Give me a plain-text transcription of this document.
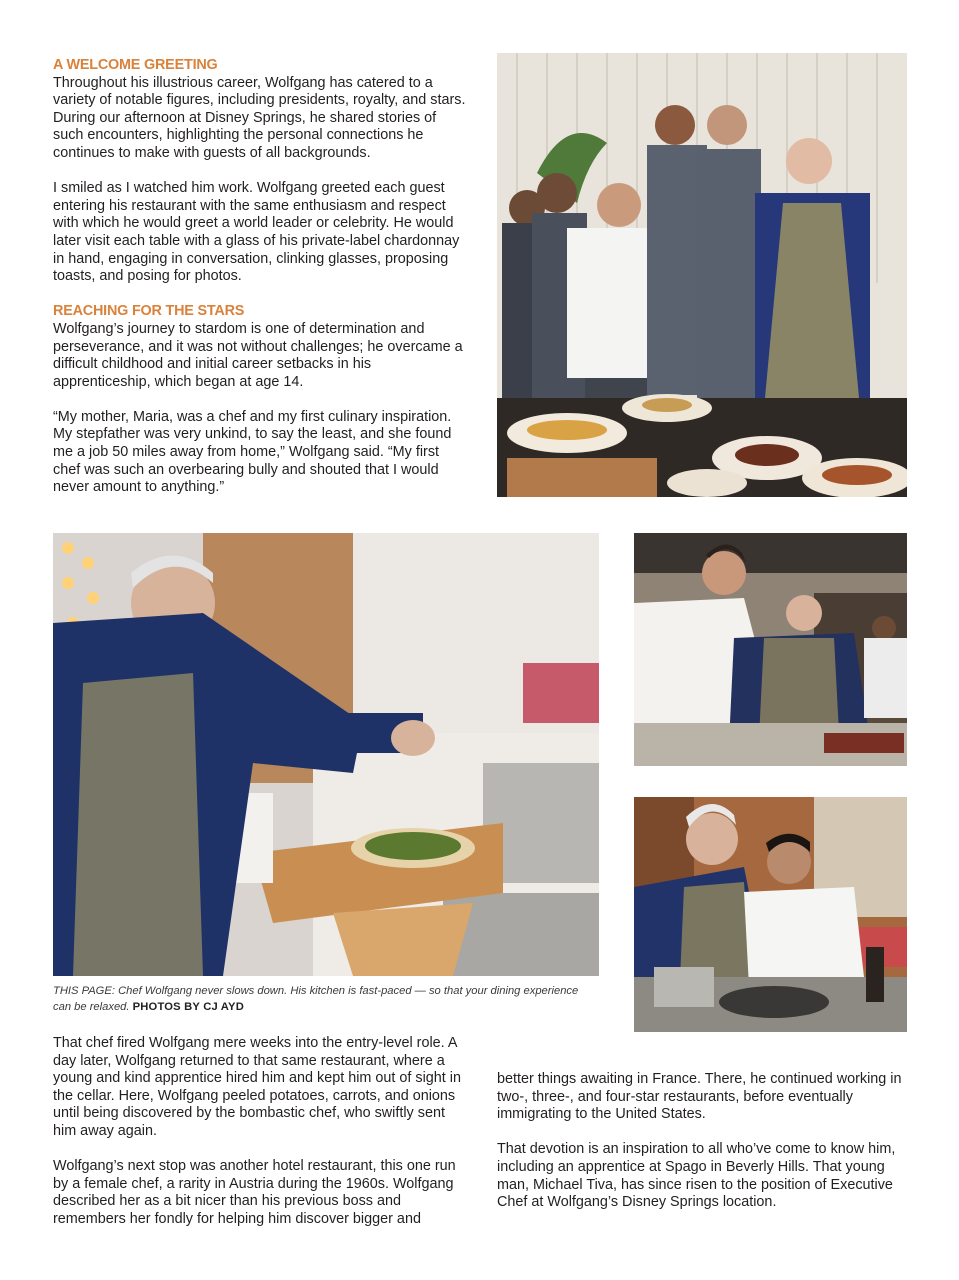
A WELCOME GREETING

Throughout his illustrious career, Wolfgang has catered to a variety of notable figures, including presidents, royalty, and stars. During our afternoon at Disney Springs, he shared stories of such encounters, highlighting the personal connections he continues to make with guests of all backgrounds.

I smiled as I watched him work. Wolfgang greeted each guest entering his restaurant with the same enthusiasm and respect with which he would greet a world leader or celebrity. He would later visit each table with a glass of his private-label chardonnay in hand, engaging in conversation, clinking glasses, proposing toasts, and posing for photos.

REACHING FOR THE STARS

Wolfgang’s journey to stardom is one of determination and perseverance, and it was not without challenges; he overcame a difficult childhood and initial career setbacks in his apprenticeship, which began at age 14.

“My mother, Maria, was a chef and my first culinary inspiration. My stepfather was very unkind, to say the least, and she found me a job 50 miles away from home,” Wolfgang said. “My first chef was such an overbearing bully and shouted that I would never amount to anything.”

THIS PAGE: Chef Wolfgang never slows down. His kitchen is fast-paced — so that your dining experience can be relaxed. PHOTOS BY CJ AYD

That chef fired Wolfgang mere weeks into the entry-level role. A day later, Wolfgang returned to that same restaurant, where a young and kind apprentice hired him and kept him out of sight in the cellar. Here, Wolfgang peeled potatoes, carrots, and onions until being discovered by the bombastic chef, who swiftly sent him away again.

Wolfgang’s next stop was another hotel restaurant, this one run by a female chef, a rarity in Austria during the 1960s. Wolfgang described her as a bit nicer than his previous boss and remembers her fondly for helping him discover bigger and

better things awaiting in France. There, he continued working in two-, three-, and four-star restaurants, before eventually immigrating to the United States.

That devotion is an inspiration to all who’ve come to know him, including an apprentice at Spago in Beverly Hills. That young man, Michael Tiva, has since risen to the position of Executive Chef at Wolfgang’s Disney Springs location.
